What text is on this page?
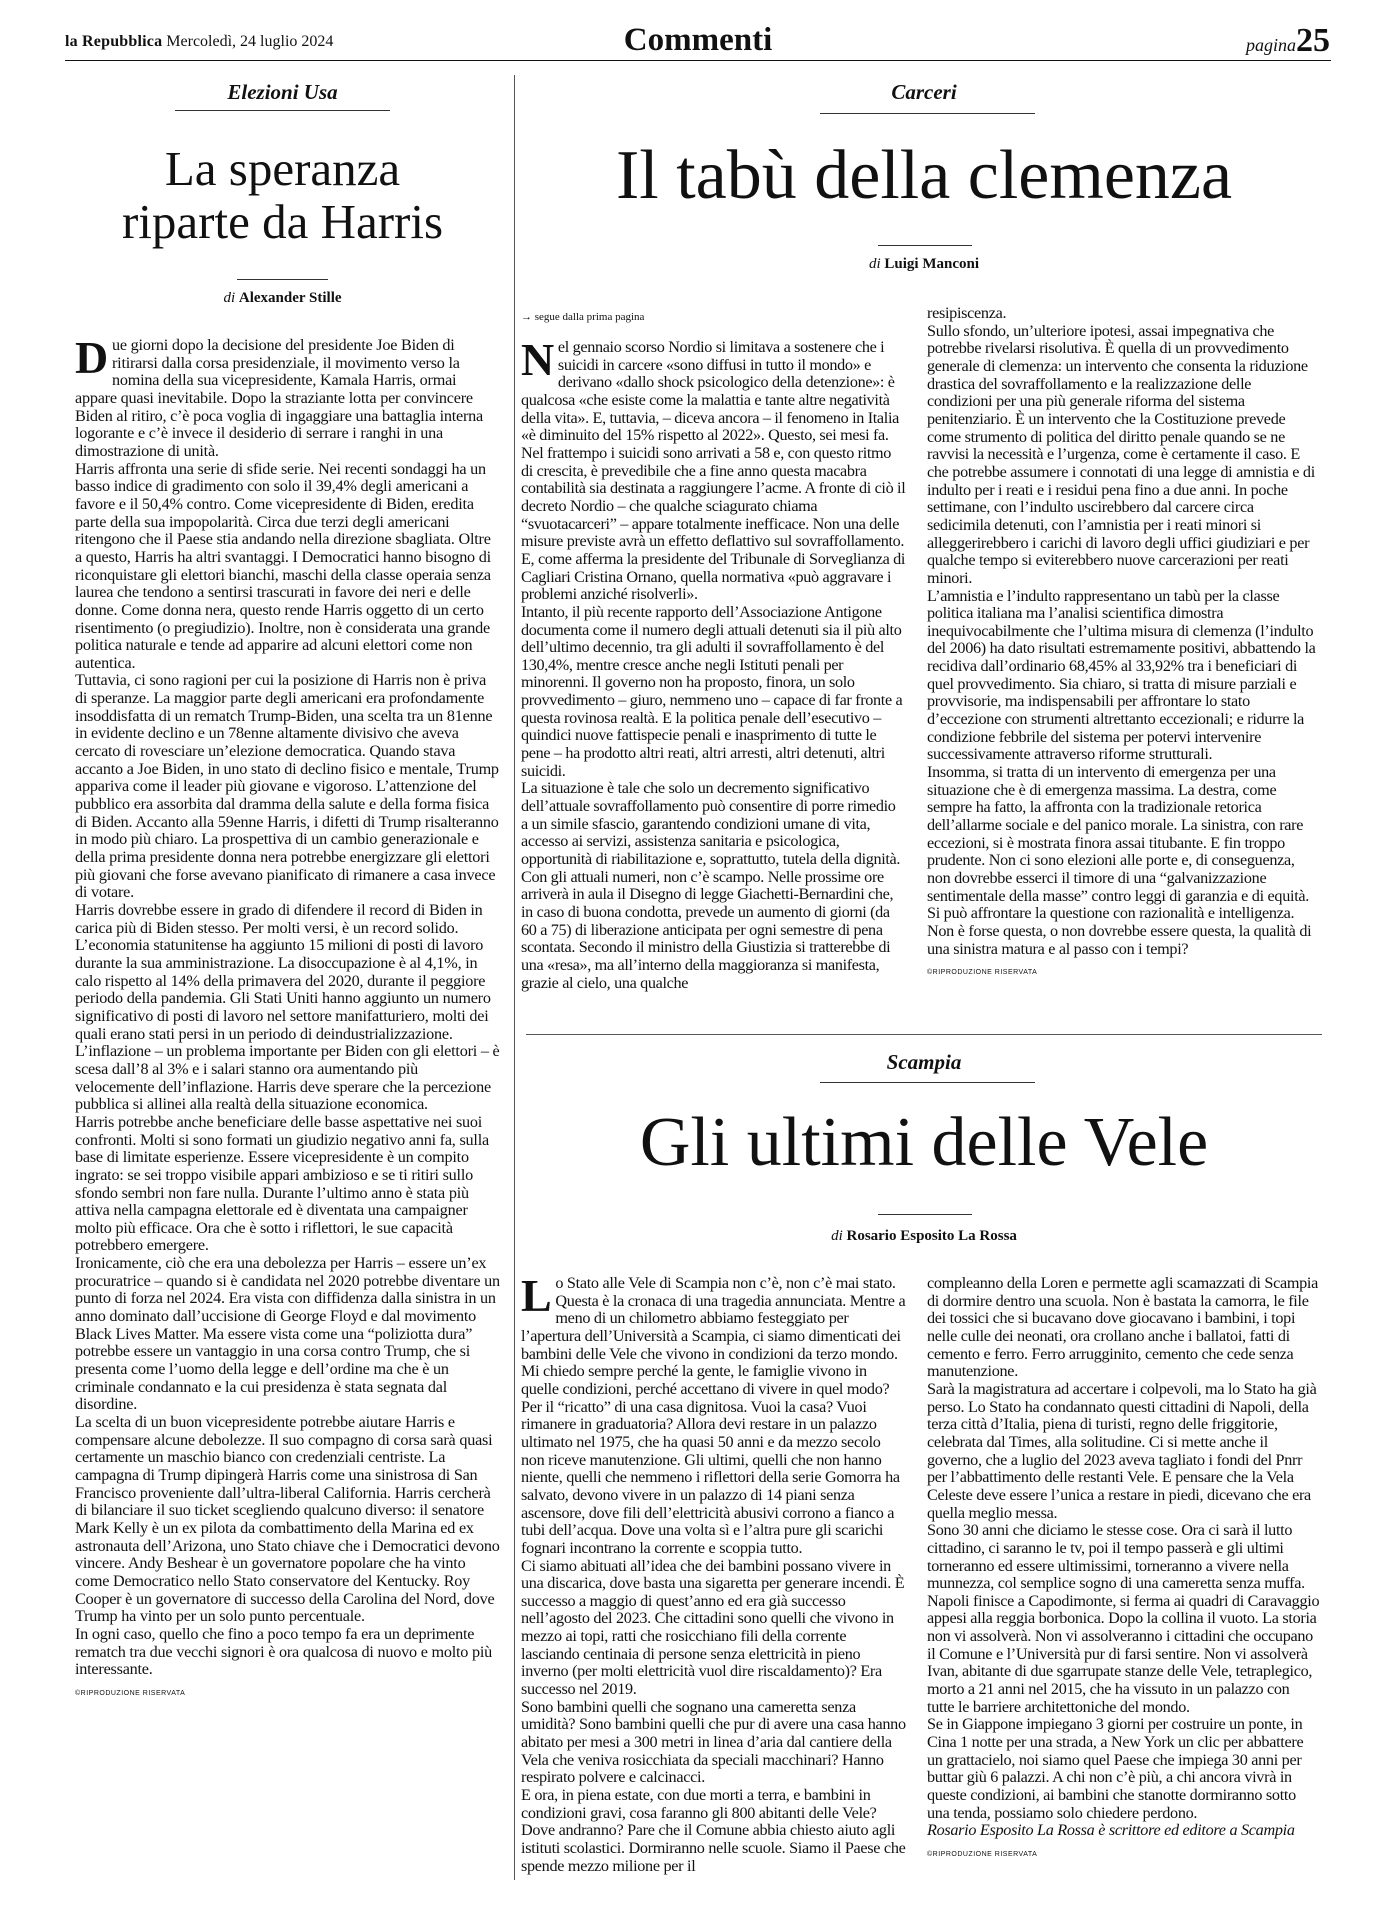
la Repubblica Mercoledì, 24 luglio 2024	Commenti	pagina25
Elezioni Usa
La speranza
riparte da Harris
di Alexander Stille
D ue giorni dopo la decisione del presidente Joe Biden di ritirarsi dalla corsa presidenziale, il movimento verso la nomina della sua vicepresidente, Kamala Harris, ormai appare quasi inevitabile. Dopo la straziante lotta per convincere Biden al ritiro, c’è poca voglia di ingaggiare una battaglia interna logorante e c’è invece il desiderio di serrare i ranghi in una dimostrazione di unità.

Harris affronta una serie di sfide serie. Nei recenti sondaggi ha un basso indice di gradimento con solo il 39,4% degli americani a favore e il 50,4% contro. Come vicepresidente di Biden, eredita parte della sua impopolarità. Circa due terzi degli americani ritengono che il Paese stia andando nella direzione sbagliata. Oltre a questo, Harris ha altri svantaggi. I Democratici hanno bisogno di riconquistare gli elettori bianchi, maschi della classe operaia senza laurea che tendono a sentirsi trascurati in favore dei neri e delle donne. Come donna nera, questo rende Harris oggetto di un certo risentimento (o pregiudizio). Inoltre, non è considerata una grande politica naturale e tende ad apparire ad alcuni elettori come non autentica.

Tuttavia, ci sono ragioni per cui la posizione di Harris non è priva di speranze. La maggior parte degli americani era profondamente insoddisfatta di un rematch Trump-Biden, una scelta tra un 81enne in evidente declino e un 78enne altamente divisivo che aveva cercato di rovesciare un’elezione democratica. Quando stava accanto a Joe Biden, in uno stato di declino fisico e mentale, Trump appariva come il leader più giovane e vigoroso. L’attenzione del pubblico era assorbita dal dramma della salute e della forma fisica di Biden. Accanto alla 59enne Harris, i difetti di Trump risalteranno in modo più chiaro. La prospettiva di un cambio generazionale e della prima presidente donna nera potrebbe energizzare gli elettori più giovani che forse avevano pianificato di rimanere a casa invece di votare.

Harris dovrebbe essere in grado di difendere il record di Biden in carica più di Biden stesso. Per molti versi, è un record solido. L’economia statunitense ha aggiunto 15 milioni di posti di lavoro durante la sua amministrazione. La disoccupazione è al 4,1%, in calo rispetto al 14% della primavera del 2020, durante il peggiore periodo della pandemia. Gli Stati Uniti hanno aggiunto un numero significativo di posti di lavoro nel settore manifatturiero, molti dei quali erano stati persi in un periodo di deindustrializzazione. L’inflazione – un problema importante per Biden con gli elettori – è scesa dall’8 al 3% e i salari stanno ora aumentando più velocemente dell’inflazione. Harris deve sperare che la percezione pubblica si allinei alla realtà della situazione economica.

Harris potrebbe anche beneficiare delle basse aspettative nei suoi confronti. Molti si sono formati un giudizio negativo anni fa, sulla base di limitate esperienze. Essere vicepresidente è un compito ingrato: se sei troppo visibile appari ambizioso e se ti ritiri sullo sfondo sembri non fare nulla. Durante l’ultimo anno è stata più attiva nella campagna elettorale ed è diventata una campaigner molto più efficace. Ora che è sotto i riflettori, le sue capacità potrebbero emergere.

Ironicamente, ciò che era una debolezza per Harris – essere un’ex procuratrice – quando si è candidata nel 2020 potrebbe diventare un punto di forza nel 2024. Era vista con diffidenza dalla sinistra in un anno dominato dall’uccisione di George Floyd e dal movimento Black Lives Matter. Ma essere vista come una “poliziotta dura” potrebbe essere un vantaggio in una corsa contro Trump, che si presenta come l’uomo della legge e dell’ordine ma che è un criminale condannato e la cui presidenza è stata segnata dal disordine.

La scelta di un buon vicepresidente potrebbe aiutare Harris e compensare alcune debolezze. Il suo compagno di corsa sarà quasi certamente un maschio bianco con credenziali centriste. La campagna di Trump dipingerà Harris come una sinistrosa di San Francisco proveniente dall’ultra-liberal California. Harris cercherà di bilanciare il suo ticket scegliendo qualcuno diverso: il senatore Mark Kelly è un ex pilota da combattimento della Marina ed ex astronauta dell’Arizona, uno Stato chiave che i Democratici devono vincere. Andy Beshear è un governatore popolare che ha vinto come Democratico nello Stato conservatore del Kentucky. Roy Cooper è un governatore di successo della Carolina del Nord, dove Trump ha vinto per un solo punto percentuale.

In ogni caso, quello che fino a poco tempo fa era un deprimente rematch tra due vecchi signori è ora qualcosa di nuovo e molto più interessante.

©RIPRODUZIONE RISERVATA
Carceri
Il tabù della clemenza
di Luigi Manconi
→ segue dalla prima pagina
N el gennaio scorso Nordio si limitava a sostenere che i suicidi in carcere «sono diffusi in tutto il mondo» e derivano «dallo shock psicologico della detenzione»: è qualcosa «che esiste come la malattia e tante altre negatività della vita». E, tuttavia, – diceva ancora – il fenomeno in Italia «è diminuito del 15% rispetto al 2022». Questo, sei mesi fa. Nel frattempo i suicidi sono arrivati a 58 e, con questo ritmo di crescita, è prevedibile che a fine anno questa macabra contabilità sia destinata a raggiungere l’acme. A fronte di ciò il decreto Nordio – che qualche sciagurato chiama “svuotacarceri” – appare totalmente inefficace. Non una delle misure previste avrà un effetto deflattivo sul sovraffollamento. E, come afferma la presidente del Tribunale di Sorveglianza di Cagliari Cristina Ornano, quella normativa «può aggravare i problemi anziché risolverli».

Intanto, il più recente rapporto dell’Associazione Antigone documenta come il numero degli attuali detenuti sia il più alto dell’ultimo decennio, tra gli adulti il sovraffollamento è del 130,4%, mentre cresce anche negli Istituti penali per minorenni. Il governo non ha proposto, finora, un solo provvedimento – giuro, nemmeno uno – capace di far fronte a questa rovinosa realtà. E la politica penale dell’esecutivo – quindici nuove fattispecie penali e inasprimento di tutte le pene – ha prodotto altri reati, altri arresti, altri detenuti, altri suicidi.

La situazione è tale che solo un decremento significativo dell’attuale sovraffollamento può consentire di porre rimedio a un simile sfascio, garantendo condizioni umane di vita, accesso ai servizi, assistenza sanitaria e psicologica, opportunità di riabilitazione e, soprattutto, tutela della dignità. Con gli attuali numeri, non c’è scampo. Nelle prossime ore arriverà in aula il Disegno di legge Giachetti-Bernardini che, in caso di buona condotta, prevede un aumento di giorni (da 60 a 75) di liberazione anticipata per ogni semestre di pena scontata. Secondo il ministro della Giustizia si tratterebbe di una «resa», ma all’interno della maggioranza si manifesta, grazie al cielo, una qualche

resipiscenza.

Sullo sfondo, un’ulteriore ipotesi, assai impegnativa che potrebbe rivelarsi risolutiva. È quella di un provvedimento generale di clemenza: un intervento che consenta la riduzione drastica del sovraffollamento e la realizzazione delle condizioni per una più generale riforma del sistema penitenziario. È un intervento che la Costituzione prevede come strumento di politica del diritto penale quando se ne ravvisi la necessità e l’urgenza, come è certamente il caso. E che potrebbe assumere i connotati di una legge di amnistia e di indulto per i reati e i residui pena fino a due anni. In poche settimane, con l’indulto uscirebbero dal carcere circa sedicimila detenuti, con l’amnistia per i reati minori si alleggerirebbero i carichi di lavoro degli uffici giudiziari e per qualche tempo si eviterebbero nuove carcerazioni per reati minori.

L’amnistia e l’indulto rappresentano un tabù per la classe politica italiana ma l’analisi scientifica dimostra inequivocabilmente che l’ultima misura di clemenza (l’indulto del 2006) ha dato risultati estremamente positivi, abbattendo la recidiva dall’ordinario 68,45% al 33,92% tra i beneficiari di quel provvedimento. Sia chiaro, si tratta di misure parziali e provvisorie, ma indispensabili per affrontare lo stato d’eccezione con strumenti altrettanto eccezionali; e ridurre la condizione febbrile del sistema per potervi intervenire successivamente attraverso riforme strutturali.

Insomma, si tratta di un intervento di emergenza per una situazione che è di emergenza massima. La destra, come sempre ha fatto, la affronta con la tradizionale retorica dell’allarme sociale e del panico morale. La sinistra, con rare eccezioni, si è mostrata finora assai titubante. E fin troppo prudente. Non ci sono elezioni alle porte e, di conseguenza, non dovrebbe esserci il timore di una “galvanizzazione sentimentale della masse” contro leggi di garanzia e di equità. Si può affrontare la questione con razionalità e intelligenza. Non è forse questa, o non dovrebbe essere questa, la qualità di una sinistra matura e al passo con i tempi?

©RIPRODUZIONE RISERVATA
Scampia
Gli ultimi delle Vele
di Rosario Esposito La Rossa
L o Stato alle Vele di Scampia non c’è, non c’è mai stato. Questa è la cronaca di una tragedia annunciata. Mentre a meno di un chilometro abbiamo festeggiato per l’apertura dell’Università a Scampia, ci siamo dimenticati dei bambini delle Vele che vivono in condizioni da terzo mondo.

Mi chiedo sempre perché la gente, le famiglie vivono in quelle condizioni, perché accettano di vivere in quel modo? Per il “ricatto” di una casa dignitosa. Vuoi la casa? Vuoi rimanere in graduatoria? Allora devi restare in un palazzo ultimato nel 1975, che ha quasi 50 anni e da mezzo secolo non riceve manutenzione. Gli ultimi, quelli che non hanno niente, quelli che nemmeno i riflettori della serie Gomorra ha salvato, devono vivere in un palazzo di 14 piani senza ascensore, dove fili dell’elettricità abusivi corrono a fianco a tubi dell’acqua. Dove una volta sì e l’altra pure gli scarichi fognari incontrano la corrente e scoppia tutto.

Ci siamo abituati all’idea che dei bambini possano vivere in una discarica, dove basta una sigaretta per generare incendi. È successo a maggio di quest’anno ed era già successo nell’agosto del 2023. Che cittadini sono quelli che vivono in mezzo ai topi, ratti che rosicchiano fili della corrente lasciando centinaia di persone senza elettricità in pieno inverno (per molti elettricità vuol dire riscaldamento)? Era successo nel 2019.

Sono bambini quelli che sognano una cameretta senza umidità? Sono bambini quelli che pur di avere una casa hanno abitato per mesi a 300 metri in linea d’aria dal cantiere della Vela che veniva rosicchiata da speciali macchinari? Hanno respirato polvere e calcinacci.

E ora, in piena estate, con due morti a terra, e bambini in condizioni gravi, cosa faranno gli 800 abitanti delle Vele? Dove andranno? Pare che il Comune abbia chiesto aiuto agli istituti scolastici. Dormiranno nelle scuole. Siamo il Paese che spende mezzo milione per il

compleanno della Loren e permette agli scamazzati di Scampia di dormire dentro una scuola. Non è bastata la camorra, le file dei tossici che si bucavano dove giocavano i bambini, i topi nelle culle dei neonati, ora crollano anche i ballatoi, fatti di cemento e ferro. Ferro arrugginito, cemento che cede senza manutenzione.

Sarà la magistratura ad accertare i colpevoli, ma lo Stato ha già perso. Lo Stato ha condannato questi cittadini di Napoli, della terza città d’Italia, piena di turisti, regno delle friggitorie, celebrata dal Times, alla solitudine. Ci si mette anche il governo, che a luglio del 2023 aveva tagliato i fondi del Pnrr per l’abbattimento delle restanti Vele. E pensare che la Vela Celeste deve essere l’unica a restare in piedi, dicevano che era quella meglio messa.

Sono 30 anni che diciamo le stesse cose. Ora ci sarà il lutto cittadino, ci saranno le tv, poi il tempo passerà e gli ultimi torneranno ed essere ultimissimi, torneranno a vivere nella munnezza, col semplice sogno di una cameretta senza muffa.

Napoli finisce a Capodimonte, si ferma ai quadri di Caravaggio appesi alla reggia borbonica. Dopo la collina il vuoto. La storia non vi assolverà. Non vi assolveranno i cittadini che occupano il Comune e l’Università pur di farsi sentire. Non vi assolverà Ivan, abitante di due sgarrupate stanze delle Vele, tetraplegico, morto a 21 anni nel 2015, che ha vissuto in un palazzo con tutte le barriere architettoniche del mondo.

Se in Giappone impiegano 3 giorni per costruire un ponte, in Cina 1 notte per una strada, a New York un clic per abbattere un grattacielo, noi siamo quel Paese che impiega 30 anni per buttar giù 6 palazzi. A chi non c’è più, a chi ancora vivrà in queste condizioni, ai bambini che stanotte dormiranno sotto una tenda, possiamo solo chiedere perdono.

Rosario Esposito La Rossa è scrittore ed editore a Scampia

©RIPRODUZIONE RISERVATA
